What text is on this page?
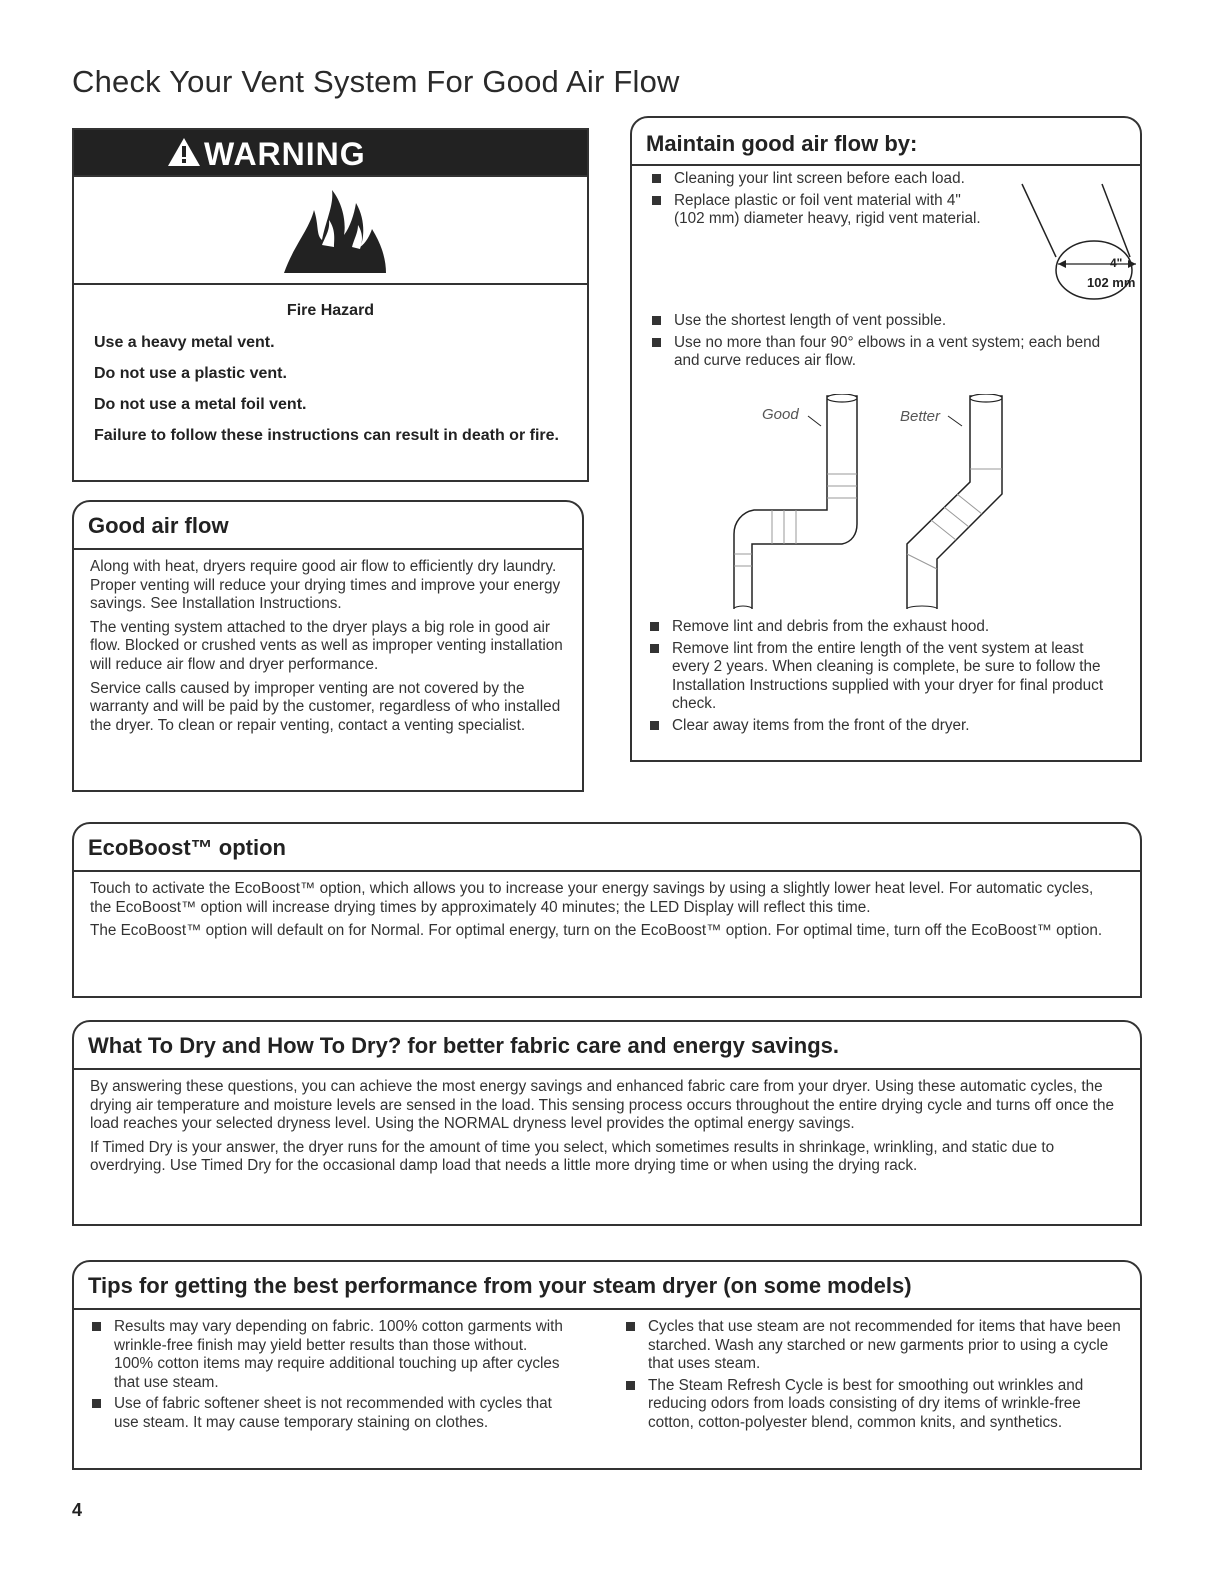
Check Your Vent System For Good Air Flow
WARNING
Fire Hazard

Use a heavy metal vent.

Do not use a plastic vent.

Do not use a metal foil vent.

Failure to follow these instructions can result in death or fire.

Good air flow

Along with heat, dryers require good air flow to efficiently dry laundry. Proper venting will reduce your drying times and improve your energy savings. See Installation Instructions.

The venting system attached to the dryer plays a big role in good air flow. Blocked or crushed vents as well as improper venting installation will reduce air flow and dryer performance.

Service calls caused by improper venting are not covered by the warranty and will be paid by the customer, regardless of who installed the dryer. To clean or repair venting, contact a venting specialist.

Maintain good air flow by:
Cleaning your lint screen before each load.
Replace plastic or foil vent material with 4" (102 mm) diameter heavy, rigid vent material.
4"
102 mm
Use the shortest length of vent possible.
Use no more than four 90° elbows in a vent system; each bend and curve reduces air flow.
Good	Better
Remove lint and debris from the exhaust hood.
Remove lint from the entire length of the vent system at least every 2 years. When cleaning is complete, be sure to follow the Installation Instructions supplied with your dryer for final product check.
Clear away items from the front of the dryer.
EcoBoost™ option

Touch to activate the EcoBoost™ option, which allows you to increase your energy savings by using a slightly lower heat level. For automatic cycles, the EcoBoost™ option will increase drying times by approximately 40 minutes; the LED Display will reflect this time.

The EcoBoost™ option will default on for Normal. For optimal energy, turn on the EcoBoost™ option. For optimal time, turn off the EcoBoost™ option.

What To Dry and How To Dry? for better fabric care and energy savings.

By answering these questions, you can achieve the most energy savings and enhanced fabric care from your dryer. Using these automatic cycles, the drying air temperature and moisture levels are sensed in the load. This sensing process occurs throughout the entire drying cycle and turns off once the load reaches your selected dryness level. Using the NORMAL dryness level provides the optimal energy savings.

If Timed Dry is your answer, the dryer runs for the amount of time you select, which sometimes results in shrinkage, wrinkling, and static due to overdrying. Use Timed Dry for the occasional damp load that needs a little more drying time or when using the drying rack.

Tips for getting the best performance from your steam dryer (on some models)
Results may vary depending on fabric. 100% cotton garments with wrinkle-free finish may yield better results than those without. 100% cotton items may require additional touching up after cycles that use steam.
Use of fabric softener sheet is not recommended with cycles that use steam. It may cause temporary staining on clothes.
Cycles that use steam are not recommended for items that have been starched. Wash any starched or new garments prior to using a cycle that uses steam.
The Steam Refresh Cycle is best for smoothing out wrinkles and reducing odors from loads consisting of dry items of wrinkle-free cotton, cotton-polyester blend, common knits, and synthetics.
4
